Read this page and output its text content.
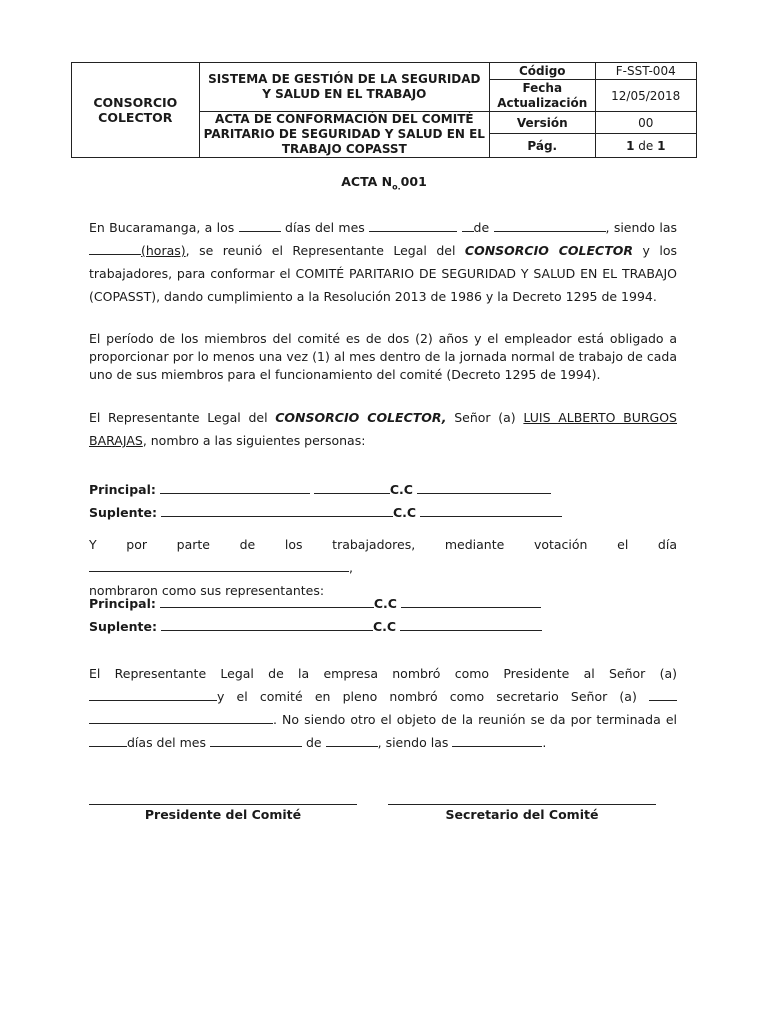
CONSORCIO COLECTOR	SISTEMA DE GESTIÓN DE LA SEGURIDAD Y SALUD EN EL TRABAJO	Código	F-SST-004
		Fecha Actualización	12/05/2018
	ACTA DE CONFORMACIÓN DEL COMITÉ PARITARIO DE SEGURIDAD Y SALUD EN EL TRABAJO COPASST	Versión	00
		Pág.	1 de 1
ACTA $N_{o.}001$
En Bucaramanga, a los	días del mes	de	, siendo las (horas), se reunió el Representante Legal del CONSORCIO COLECTOR y los trabajadores, para conformar el COMITÉ PARITARIO DE SEGURIDAD Y SALUD EN EL TRABAJO (COPASST), dando cumplimiento a la Resolución 2013 de 1986 y la Decreto 1295 de 1994.
El período de los miembros del comité es de dos (2) años y el empleador está obligado a proporcionar por lo menos una vez (1) al mes dentro de la jornada normal de trabajo de cada uno de sus miembros para el funcionamiento del comité (Decreto 1295 de 1994).
El Representante Legal del CONSORCIO COLECTOR, Señor (a) LUIS ALBERTO BURGOS BARAJAS, nombro a las siguientes personas:
Principal:	C.C
Suplente:	C.C
Y por parte de los trabajadores, mediante votación el día ,
nombraron como sus representantes:
Principal:	C.C
Suplente:	C.C
El Representante Legal de la empresa nombró como Presidente al Señor (a) y el comité en pleno nombró como secretario Señor (a)  . No siendo otro el objeto de la reunión se da por terminada el días del mes	de	, siendo las	.
Presidente del Comité	Secretario del Comité
